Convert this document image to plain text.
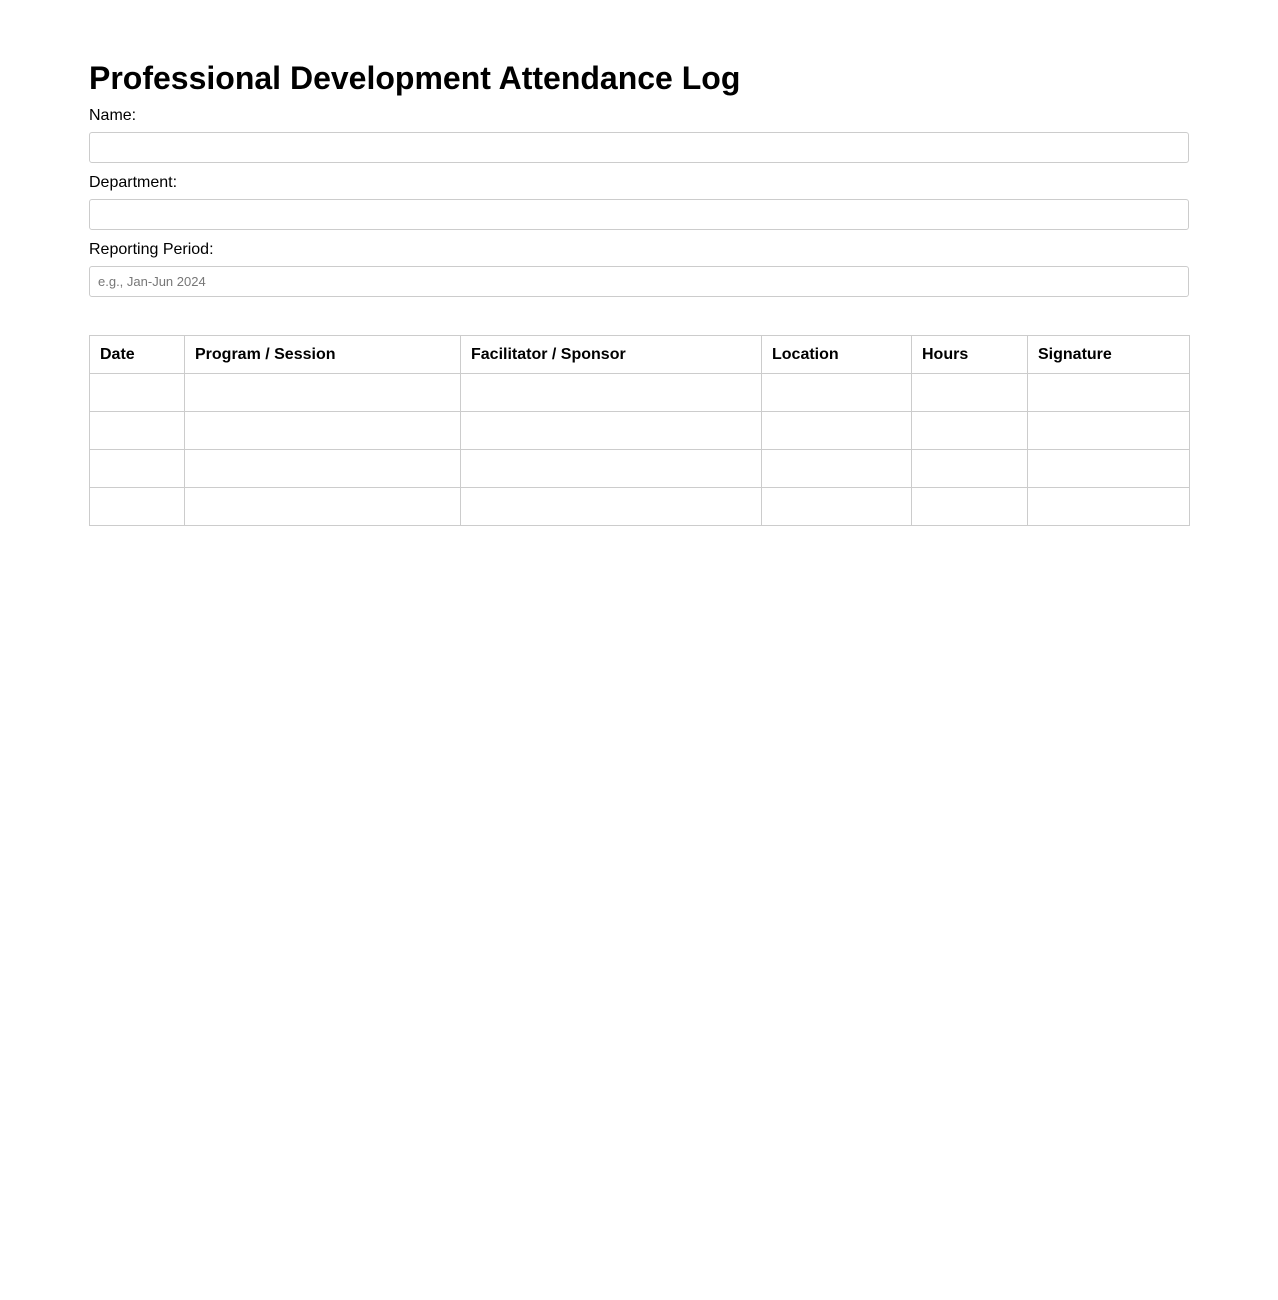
Professional Development Attendance Log
Name:
Department:
Reporting Period:
e.g., Jan-Jun 2024
Date	Program / Session	Facilitator / Sponsor	Location	Hours	Signature
